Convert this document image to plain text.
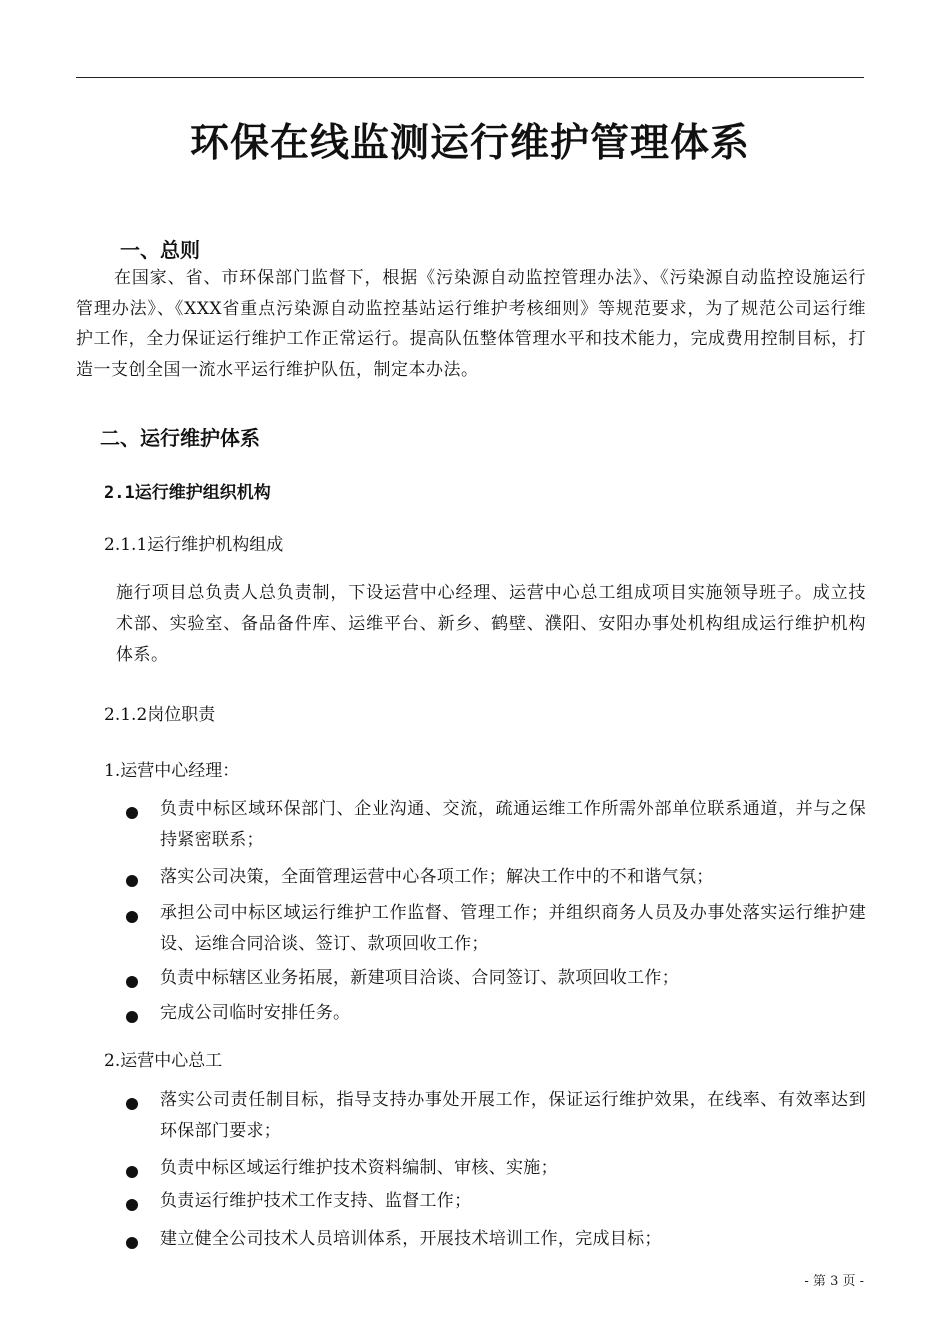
环保在线监测运行维护管理体系
一、总则
在国家、省、市环保部门监督下，根据《污染源自动监控管理办法》、《污染源自动监控设施运行管理办法》、《XXX省重点污染源自动监控基站运行维护考核细则》等规范要求，为了规范公司运行维护工作，全力保证运行维护工作正常运行。提高队伍整体管理水平和技术能力，完成费用控制目标，打造一支创全国一流水平运行维护队伍，制定本办法。
二、运行维护体系
2.1运行维护组织机构
2.1.1运行维护机构组成
施行项目总负责人总负责制，下设运营中心经理、运营中心总工组成项目实施领导班子。成立技术部、实验室、备品备件库、运维平台、新乡、鹤壁、濮阳、安阳办事处机构组成运行维护机构体系。
2.1.2岗位职责
1.运营中心经理：
负责中标区域环保部门、企业沟通、交流，疏通运维工作所需外部单位联系通道，并与之保持紧密联系；
落实公司决策，全面管理运营中心各项工作；解决工作中的不和谐气氛；
承担公司中标区域运行维护工作监督、管理工作；并组织商务人员及办事处落实运行维护建设、运维合同洽谈、签订、款项回收工作；
负责中标辖区业务拓展，新建项目洽谈、合同签订、款项回收工作；
完成公司临时安排任务。
2.运营中心总工
落实公司责任制目标，指导支持办事处开展工作，保证运行维护效果，在线率、有效率达到环保部门要求；
负责中标区域运行维护技术资料编制、审核、实施；
负责运行维护技术工作支持、监督工作；
建立健全公司技术人员培训体系，开展技术培训工作，完成目标；
- 第 3 页 -
